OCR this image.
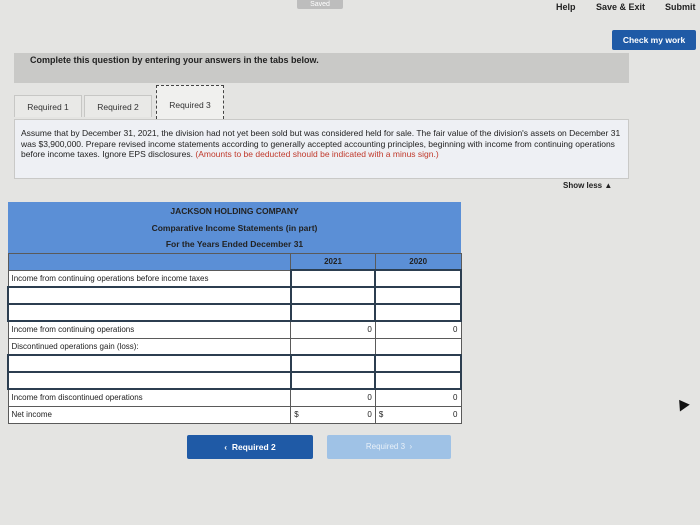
Saved	Help Save & Exit Submit
Check my work
Complete this question by entering your answers in the tabs below.
Required 1	Required 2	Required 3

Assume that by December 31, 2021, the division had not yet been sold but was considered held for sale. The fair value of the division's assets on December 31 was $3,900,000. Prepare revised income statements according to generally accepted accounting principles, beginning with income from continuing operations before income taxes. Ignore EPS disclosures. (Amounts to be deducted should be indicated with a minus sign.)

Show less ▲
JACKSON HOLDING COMPANY		
Comparative Income Statements (in part)		
For the Years Ended December 31		
	2021	2020
Income from continuing operations before income taxes		

Income from continuing operations	0	0
Discontinued operations gain (loss):		

Income from discontinued operations	0	0
Net income	$ 0	$ 0
‹  Required 2	Required 3  ›
